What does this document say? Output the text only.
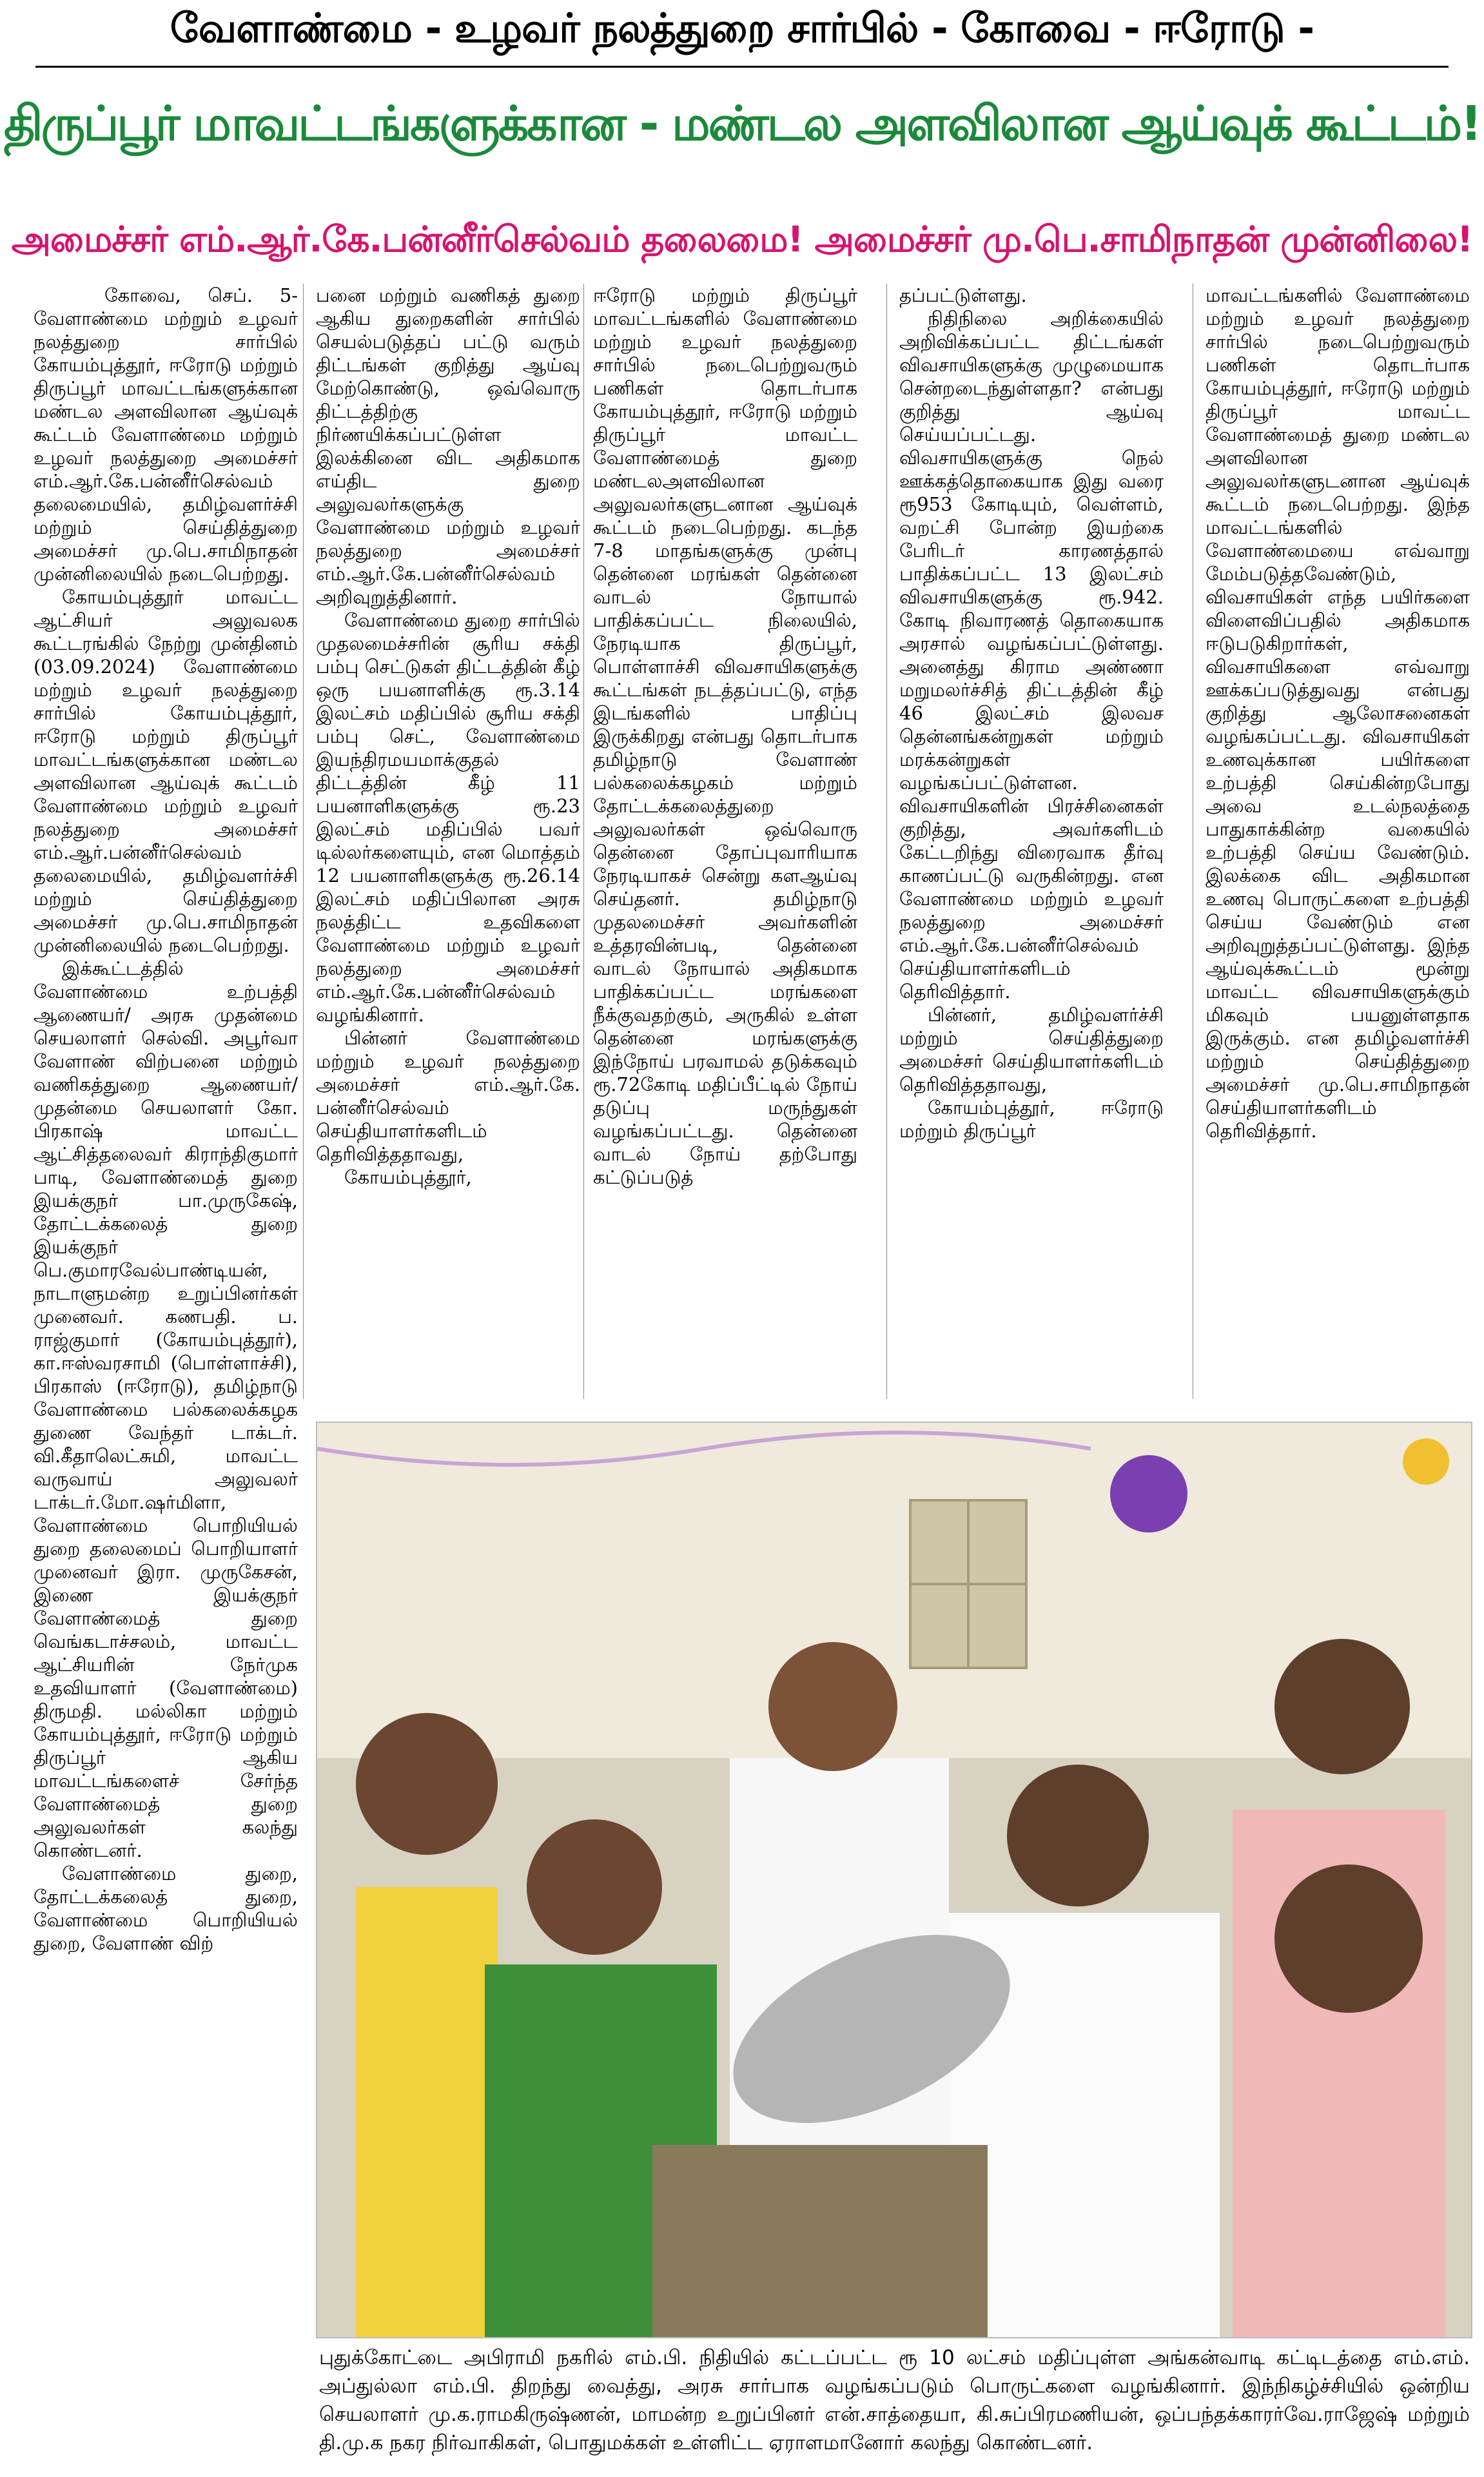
வேளாண்மை - உழவர் நலத்துறை சார்பில் - கோவை - ஈரோடு -
திருப்பூர் மாவட்டங்களுக்கான - மண்டல அளவிலான ஆய்வுக் கூட்டம்!
அமைச்சர் எம்.ஆர்.கே.பன்னீர்செல்வம் தலைமை! அமைச்சர் மு.பெ.சாமிநாதன் முன்னிலை!

கோவை, செப். 5- வேளாண்மை மற்றும் உழவர் நலத்துறை சார்பில் கோயம்புத்தூர், ஈரோடு மற்றும் திருப்பூர் மாவட்டங்களுக்கான மண்டல அளவிலான ஆய்வுக் கூட்டம் வேளாண்மை மற்றும் உழவர் நலத்துறை அமைச்சர் எம்.ஆர்.கே.பன்னீர்செல்வம் தலைமையில், தமிழ்வளர்ச்சி மற்றும் செய்தித்துறை அமைச்சர் மு.பெ.சாமிநாதன் முன்னிலையில் நடைபெற்றது.

கோயம்புத்தூர் மாவட்ட ஆட்சியர் அலுவலக கூட்டரங்கில் நேற்று முன்தினம் (03.09.2024) வேளாண்மை மற்றும் உழவர் நலத்துறை சார்பில் கோயம்புத்தூர், ஈரோடு மற்றும் திருப்பூர் மாவட்டங்களுக்கான மண்டல அளவிலான ஆய்வுக் கூட்டம் வேளாண்மை மற்றும் உழவர் நலத்துறை அமைச்சர் எம்.ஆர்.பன்னீர்செல்வம் தலைமையில், தமிழ்வளர்ச்சி மற்றும் செய்தித்துறை அமைச்சர் மு.பெ.சாமிநாதன் முன்னிலையில் நடைபெற்றது.

இக்கூட்டத்தில் வேளாண்மை உற்பத்தி ஆணையர்/ அரசு முதன்மை செயலாளர் செல்வி. அபூர்வா வேளாண் விற்பனை மற்றும் வணிகத்துறை ஆணையர்/ முதன்மை செயலாளர் கோ. பிரகாஷ் மாவட்ட ஆட்சித்தலைவர் கிராந்திகுமார் பாடி, வேளாண்மைத் துறை இயக்குநர் பா.முருகேஷ், தோட்டக்கலைத் துறை இயக்குநர் பெ.குமாரவேல்பாண்டியன், நாடாளுமன்ற உறுப்பினர்கள் முனைவர். கணபதி. ப. ராஜ்குமார் (கோயம்புத்தூர்), கா.ஈஸ்வரசாமி (பொள்ளாச்சி), பிரகாஸ் (ஈரோடு), தமிழ்நாடு வேளாண்மை பல்கலைக்கழக துணை வேந்தர் டாக்டர். வி.கீதாலெட்சுமி, மாவட்ட வருவாய் அலுவலர் டாக்டர்.மோ.ஷர்மிளா, வேளாண்மை பொறியியல் துறை தலைமைப் பொறியாளர் முனைவர் இரா. முருகேசன், இணை இயக்குநர் வேளாண்மைத் துறை வெங்கடாச்சலம், மாவட்ட ஆட்சியரின் நேர்முக உதவியாளர் (வேளாண்மை) திருமதி. மல்லிகா மற்றும் கோயம்புத்தூர், ஈரோடு மற்றும் திருப்பூர் ஆகிய மாவட்டங்களைச் சேர்ந்த வேளாண்மைத் துறை அலுவலர்கள் கலந்து கொண்டனர்.

வேளாண்மை துறை, தோட்டக்கலைத் துறை, வேளாண்மை பொறியியல் துறை, வேளாண் விற்

பனை மற்றும் வணிகத் துறை ஆகிய துறைகளின் சார்பில் செயல்படுத்தப் பட்டு வரும் திட்டங்கள் குறித்து ஆய்வு மேற்கொண்டு, ஒவ்வொரு திட்டத்திற்கு நிர்ணயிக்கப்பட்டுள்ள இலக்கினை விட அதிகமாக எய்திட துறை அலுவலர்களுக்கு வேளாண்மை மற்றும் உழவர் நலத்துறை அமைச்சர் எம்.ஆர்.கே.பன்னீர்செல்வம் அறிவுறுத்தினார்.

வேளாண்மை துறை சார்பில் முதலமைச்சரின் சூரிய சக்தி பம்பு செட்டுகள் திட்டத்தின் கீழ் ஒரு பயனாளிக்கு ரூ.3.14 இலட்சம் மதிப்பில் சூரிய சக்தி பம்பு செட், வேளாண்மை இயந்திரமயமாக்குதல் திட்டத்தின் கீழ் 11 பயனாளிகளுக்கு ரூ.23 இலட்சம் மதிப்பில் பவர் டில்லர்களையும், என மொத்தம் 12 பயனாளிகளுக்கு ரூ.26.14 இலட்சம் மதிப்பிலான அரசு நலத்திட்ட உதவிகளை வேளாண்மை மற்றும் உழவர் நலத்துறை அமைச்சர் எம்.ஆர்.கே.பன்னீர்செல்வம் வழங்கினார்.

பின்னர் வேளாண்மை மற்றும் உழவர் நலத்துறை அமைச்சர் எம்.ஆர்.கே. பன்னீர்செல்வம் செய்தியாளர்களிடம் தெரிவித்ததாவது,

கோயம்புத்தூர்,

ஈரோடு மற்றும் திருப்பூர் மாவட்டங்களில் வேளாண்மை மற்றும் உழவர் நலத்துறை சார்பில் நடைபெற்றுவரும் பணிகள் தொடர்பாக கோயம்புத்தூர், ஈரோடு மற்றும் திருப்பூர் மாவட்ட வேளாண்மைத் துறை மண்டலஅளவிலான அலுவலர்களுடனான ஆய்வுக் கூட்டம் நடைபெற்றது. கடந்த 7-8 மாதங்களுக்கு முன்பு தென்னை மரங்கள் தென்னை வாடல் நோயால் பாதிக்கப்பட்ட நிலையில், நேரடியாக திருப்பூர், பொள்ளாச்சி விவசாயிகளுக்கு கூட்டங்கள் நடத்தப்பட்டு, எந்த இடங்களில் பாதிப்பு இருக்கிறது என்பது தொடர்பாக தமிழ்நாடு வேளாண் பல்கலைக்கழகம் மற்றும் தோட்டக்கலைத்துறை அலுவலர்கள் ஒவ்வொரு தென்னை தோப்புவாரியாக நேரடியாகச் சென்று களஆய்வு செய்தனர். தமிழ்நாடு முதலமைச்சர் அவர்களின் உத்தரவின்படி, தென்னை வாடல் நோயால் அதிகமாக பாதிக்கப்பட்ட மரங்களை நீக்குவதற்கும், அருகில் உள்ள தென்னை மரங்களுக்கு இந்நோய் பரவாமல் தடுக்கவும் ரூ.72கோடி மதிப்பீட்டில் நோய் தடுப்பு மருந்துகள் வழங்கப்பட்டது. தென்னை வாடல் நோய் தற்போது கட்டுப்படுத்

தப்பட்டுள்ளது.

நிதிநிலை அறிக்கையில் அறிவிக்கப்பட்ட திட்டங்கள் விவசாயிகளுக்கு முழுமையாக சென்றடைந்துள்ளதா? என்பது குறித்து ஆய்வு செய்யப்பட்டது. விவசாயிகளுக்கு நெல் ஊக்கத்தொகையாக இது வரை ரூ953 கோடியும், வெள்ளம், வறட்சி போன்ற இயற்கை பேரிடர் காரணத்தால் பாதிக்கப்பட்ட 13 இலட்சம் விவசாயிகளுக்கு ரூ.942. கோடி நிவாரணத் தொகையாக அரசால் வழங்கப்பட்டுள்ளது. அனைத்து கிராம அண்ணா மறுமலர்ச்சித் திட்டத்தின் கீழ் 46 இலட்சம் இலவச தென்னங்கன்றுகள் மற்றும் மரக்கன்றுகள் வழங்கப்பட்டுள்ளன. விவசாயிகளின் பிரச்சினைகள் குறித்து, அவர்களிடம் கேட்டறிந்து விரைவாக தீர்வு காணப்பட்டு வருகின்றது. என வேளாண்மை மற்றும் உழவர் நலத்துறை அமைச்சர் எம்.ஆர்.கே.பன்னீர்செல்வம் செய்தியாளர்களிடம் தெரிவித்தார்.

பின்னர், தமிழ்வளர்ச்சி மற்றும் செய்தித்துறை அமைச்சர் செய்தியாளர்களிடம் தெரிவித்ததாவது,

கோயம்புத்தூர், ஈரோடு மற்றும் திருப்பூர்

மாவட்டங்களில் வேளாண்மை மற்றும் உழவர் நலத்துறை சார்பில் நடைபெற்றுவரும் பணிகள் தொடர்பாக கோயம்புத்தூர், ஈரோடு மற்றும் திருப்பூர் மாவட்ட வேளாண்மைத் துறை மண்டல அளவிலான அலுவலர்களுடனான ஆய்வுக் கூட்டம் நடைபெற்றது. இந்த மாவட்டங்களில் வேளாண்மையை எவ்வாறு மேம்படுத்தவேண்டும், விவசாயிகள் எந்த பயிர்களை விளைவிப்பதில் அதிகமாக ஈடுபடுகிறார்கள், விவசாயிகளை எவ்வாறு ஊக்கப்படுத்துவது என்பது குறித்து ஆலோசனைகள் வழங்கப்பட்டது. விவசாயிகள் உணவுக்கான பயிர்களை உற்பத்தி செய்கின்றபோது அவை உடல்நலத்தை பாதுகாக்கின்ற வகையில் உற்பத்தி செய்ய வேண்டும். இலக்கை விட அதிகமான உணவு பொருட்களை உற்பத்தி செய்ய வேண்டும் என அறிவுறுத்தப்பட்டுள்ளது. இந்த ஆய்வுக்கூட்டம் மூன்று மாவட்ட விவசாயிகளுக்கும் மிகவும் பயனுள்ளதாக இருக்கும். என தமிழ்வளர்ச்சி மற்றும் செய்தித்துறை அமைச்சர் மு.பெ.சாமிநாதன் செய்தியாளர்களிடம் தெரிவித்தார்.

புதுக்கோட்டை அபிராமி நகரில் எம்.பி. நிதியில் கட்டப்பட்ட ரூ 10 லட்சம் மதிப்புள்ள அங்கன்வாடி கட்டிடத்தை எம்.எம். அப்துல்லா எம்.பி. திறந்து வைத்து, அரசு சார்பாக வழங்கப்படும் பொருட்களை வழங்கினார். இந்நிகழ்ச்சியில் ஒன்றிய செயலாளர் மு.க.ராமகிருஷ்ணன், மாமன்ற உறுப்பினர் என்.சாத்தையா, கி.சுப்பிரமணியன், ஒப்பந்தக்காரர்வே.ராஜேஷ் மற்றும் தி.மு.க நகர நிர்வாகிகள், பொதுமக்கள் உள்ளிட்ட ஏராளமானோர் கலந்து கொண்டனர்.
